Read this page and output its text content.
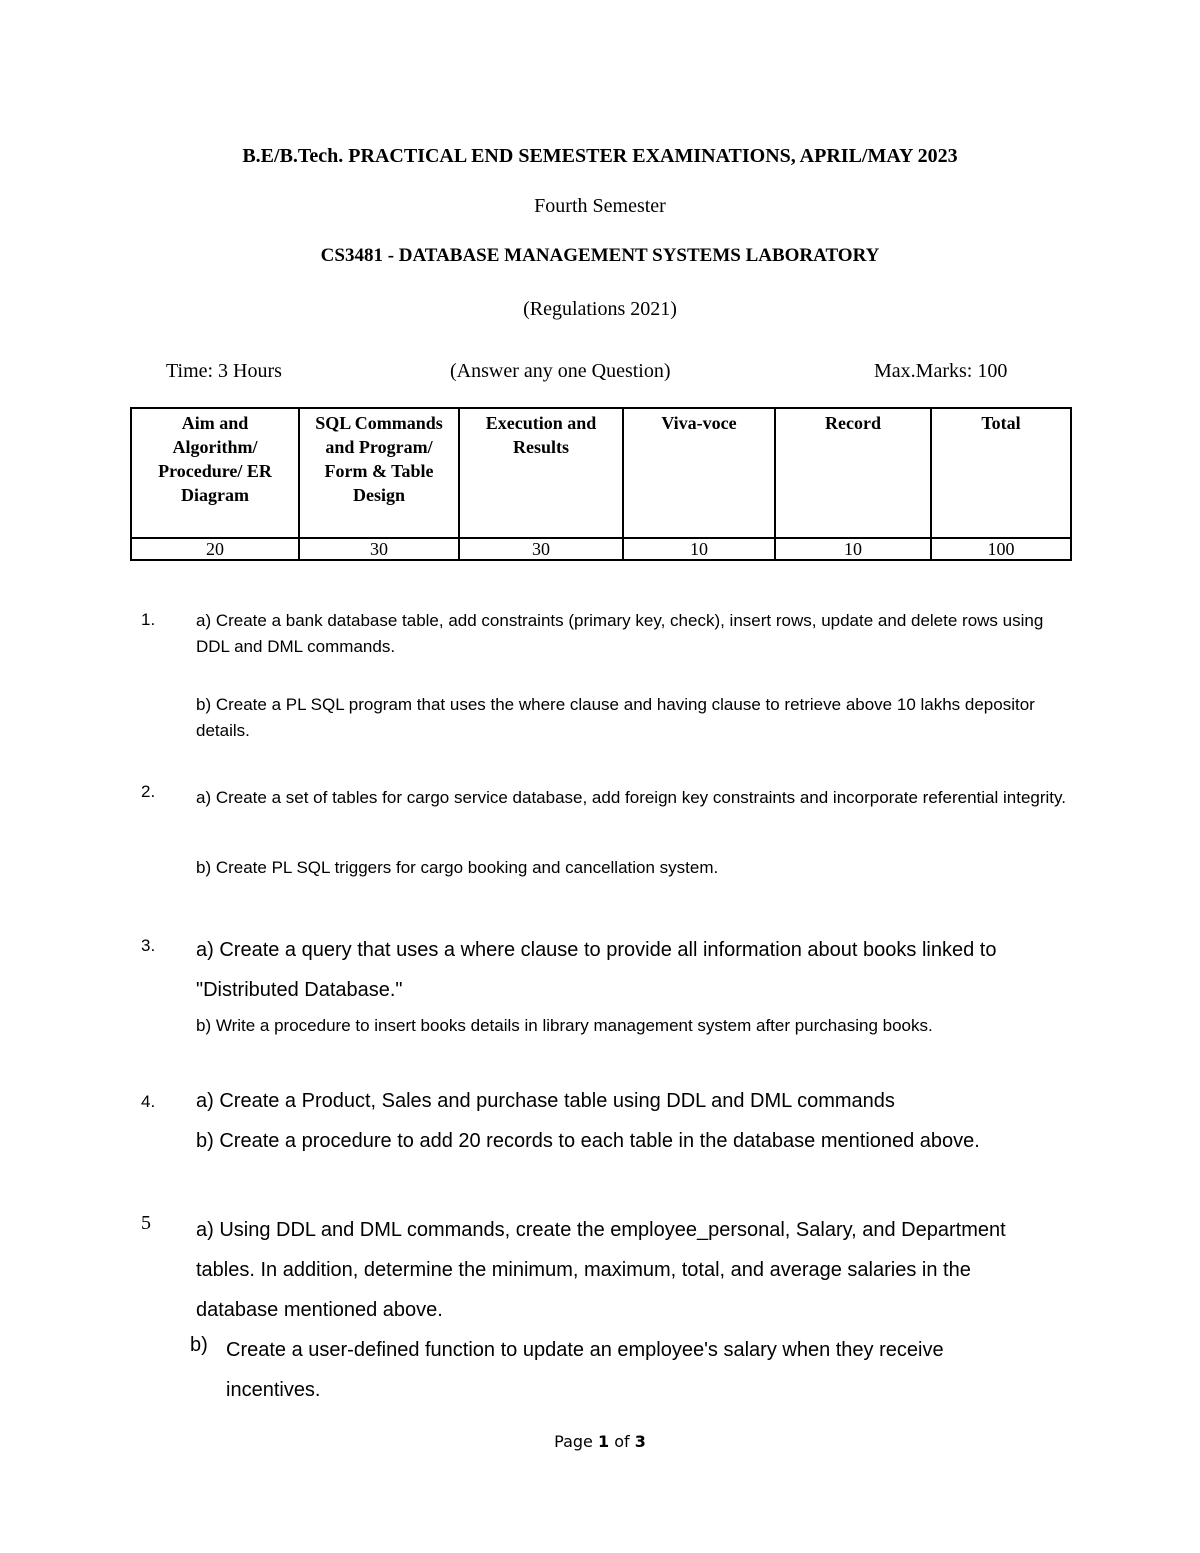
B.E/B.Tech. PRACTICAL END SEMESTER EXAMINATIONS, APRIL/MAY 2023
Fourth Semester
CS3481 - DATABASE MANAGEMENT SYSTEMS LABORATORY
(Regulations 2021)
Time: 3 Hours	(Answer any one Question)	Max.Marks: 100
Aim and Algorithm/ Procedure/ ER Diagram	SQL Commands and Program/ Form & Table Design	Execution and Results	Viva-voce	Record	Total
20	30	30	10	10	100
1. a) Create a bank database table, add constraints (primary key, check), insert rows, update and delete rows using DDL and DML commands.
b) Create a PL SQL program that uses the where clause and having clause to retrieve above 10 lakhs depositor details.
2. a) Create a set of tables for cargo service database, add foreign key constraints and incorporate referential integrity.
b) Create PL SQL triggers for cargo booking and cancellation system.
3. a) Create a query that uses a where clause to provide all information about books linked to "Distributed Database."
b) Write a procedure to insert books details in library management system after purchasing books.
4. a) Create a Product, Sales and purchase table using DDL and DML commands
b) Create a procedure to add 20 records to each table in the database mentioned above.
5 a) Using DDL and DML commands, create the employee_personal, Salary, and Department tables. In addition, determine the minimum, maximum, total, and average salaries in the database mentioned above.
b) Create a user-defined function to update an employee's salary when they receive incentives.
Page 1 of 3
